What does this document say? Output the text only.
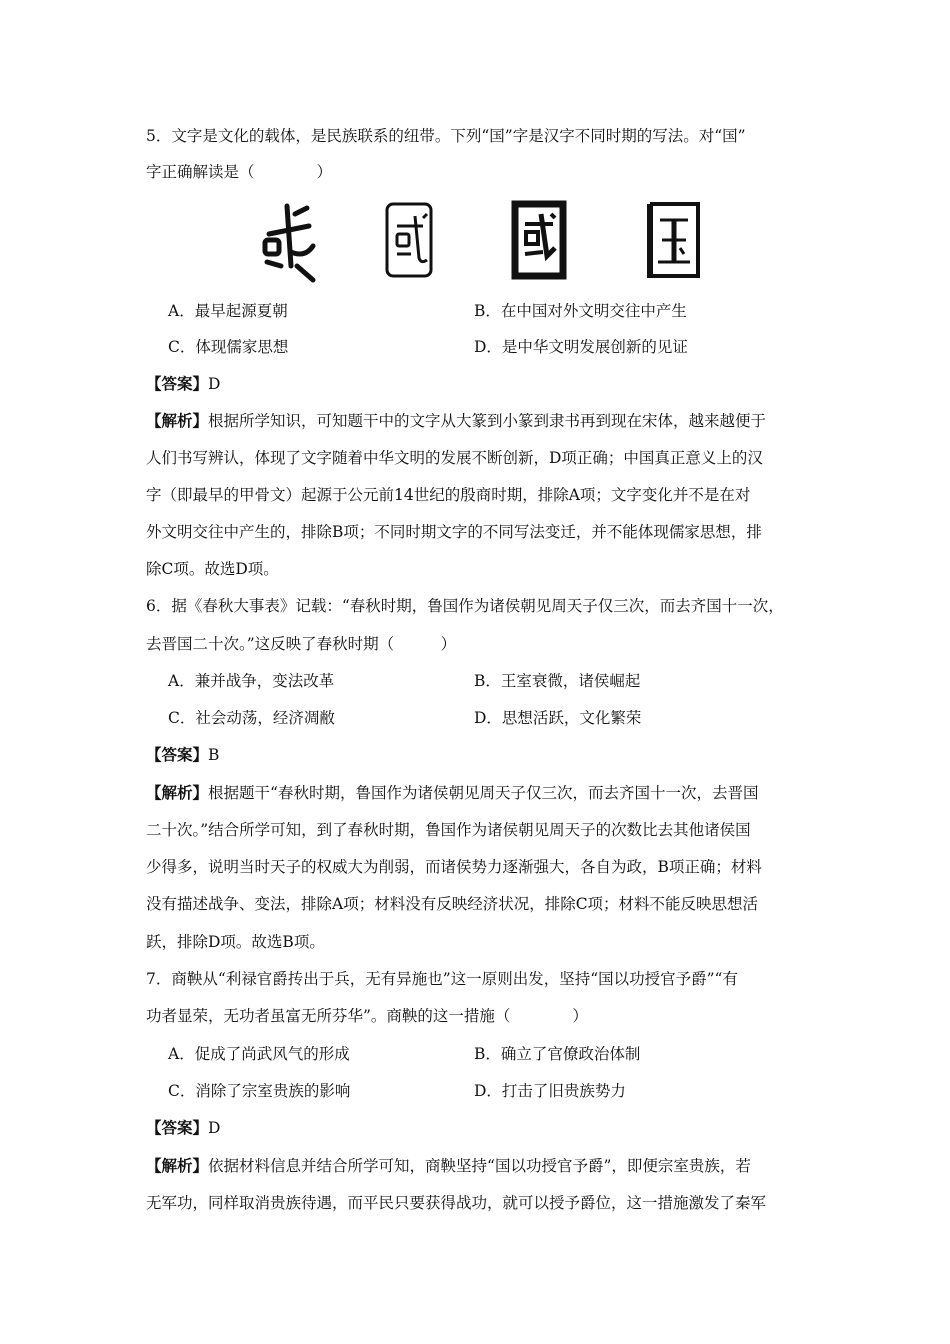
5．文字是文化的载体，是民族联系的纽带。下列“国”字是汉字不同时期的写法。对“国”
字正确解读是（　　　　）
A．最早起源夏朝	B．在中国对外文明交往中产生
C．体现儒家思想	D．是中华文明发展创新的见证
【答案】D
【解析】根据所学知识，可知题干中的文字从大篆到小篆到隶书再到现在宋体，越来越便于
人们书写辨认，体现了文字随着中华文明的发展不断创新，D项正确；中国真正意义上的汉
字（即最早的甲骨文）起源于公元前14世纪的殷商时期，排除A项；文字变化并不是在对
外文明交往中产生的，排除B项；不同时期文字的不同写法变迁，并不能体现儒家思想，排
除C项。故选D项。
6．据《春秋大事表》记载：“春秋时期，鲁国作为诸侯朝见周天子仅三次，而去齐国十一次，
去晋国二十次。”这反映了春秋时期（　　　）
A．兼并战争，变法改革	B．王室衰微，诸侯崛起
C．社会动荡，经济凋敝	D．思想活跃，文化繁荣
【答案】B
【解析】根据题干“春秋时期，鲁国作为诸侯朝见周天子仅三次，而去齐国十一次，去晋国
二十次。”结合所学可知，到了春秋时期，鲁国作为诸侯朝见周天子的次数比去其他诸侯国
少得多，说明当时天子的权威大为削弱，而诸侯势力逐渐强大，各自为政，B项正确；材料
没有描述战争、变法，排除A项；材料没有反映经济状况，排除C项；材料不能反映思想活
跃，排除D项。故选B项。
7．商鞅从“利禄官爵抟出于兵，无有异施也”这一原则出发，坚持“国以功授官予爵”“有
功者显荣，无功者虽富无所芬华”。商鞅的这一措施（　　　　）
A．促成了尚武风气的形成	B．确立了官僚政治体制
C．消除了宗室贵族的影响	D．打击了旧贵族势力
【答案】D
【解析】依据材料信息并结合所学可知，商鞅坚持“国以功授官予爵”，即便宗室贵族，若
无军功，同样取消贵族待遇，而平民只要获得战功，就可以授予爵位，这一措施激发了秦军
